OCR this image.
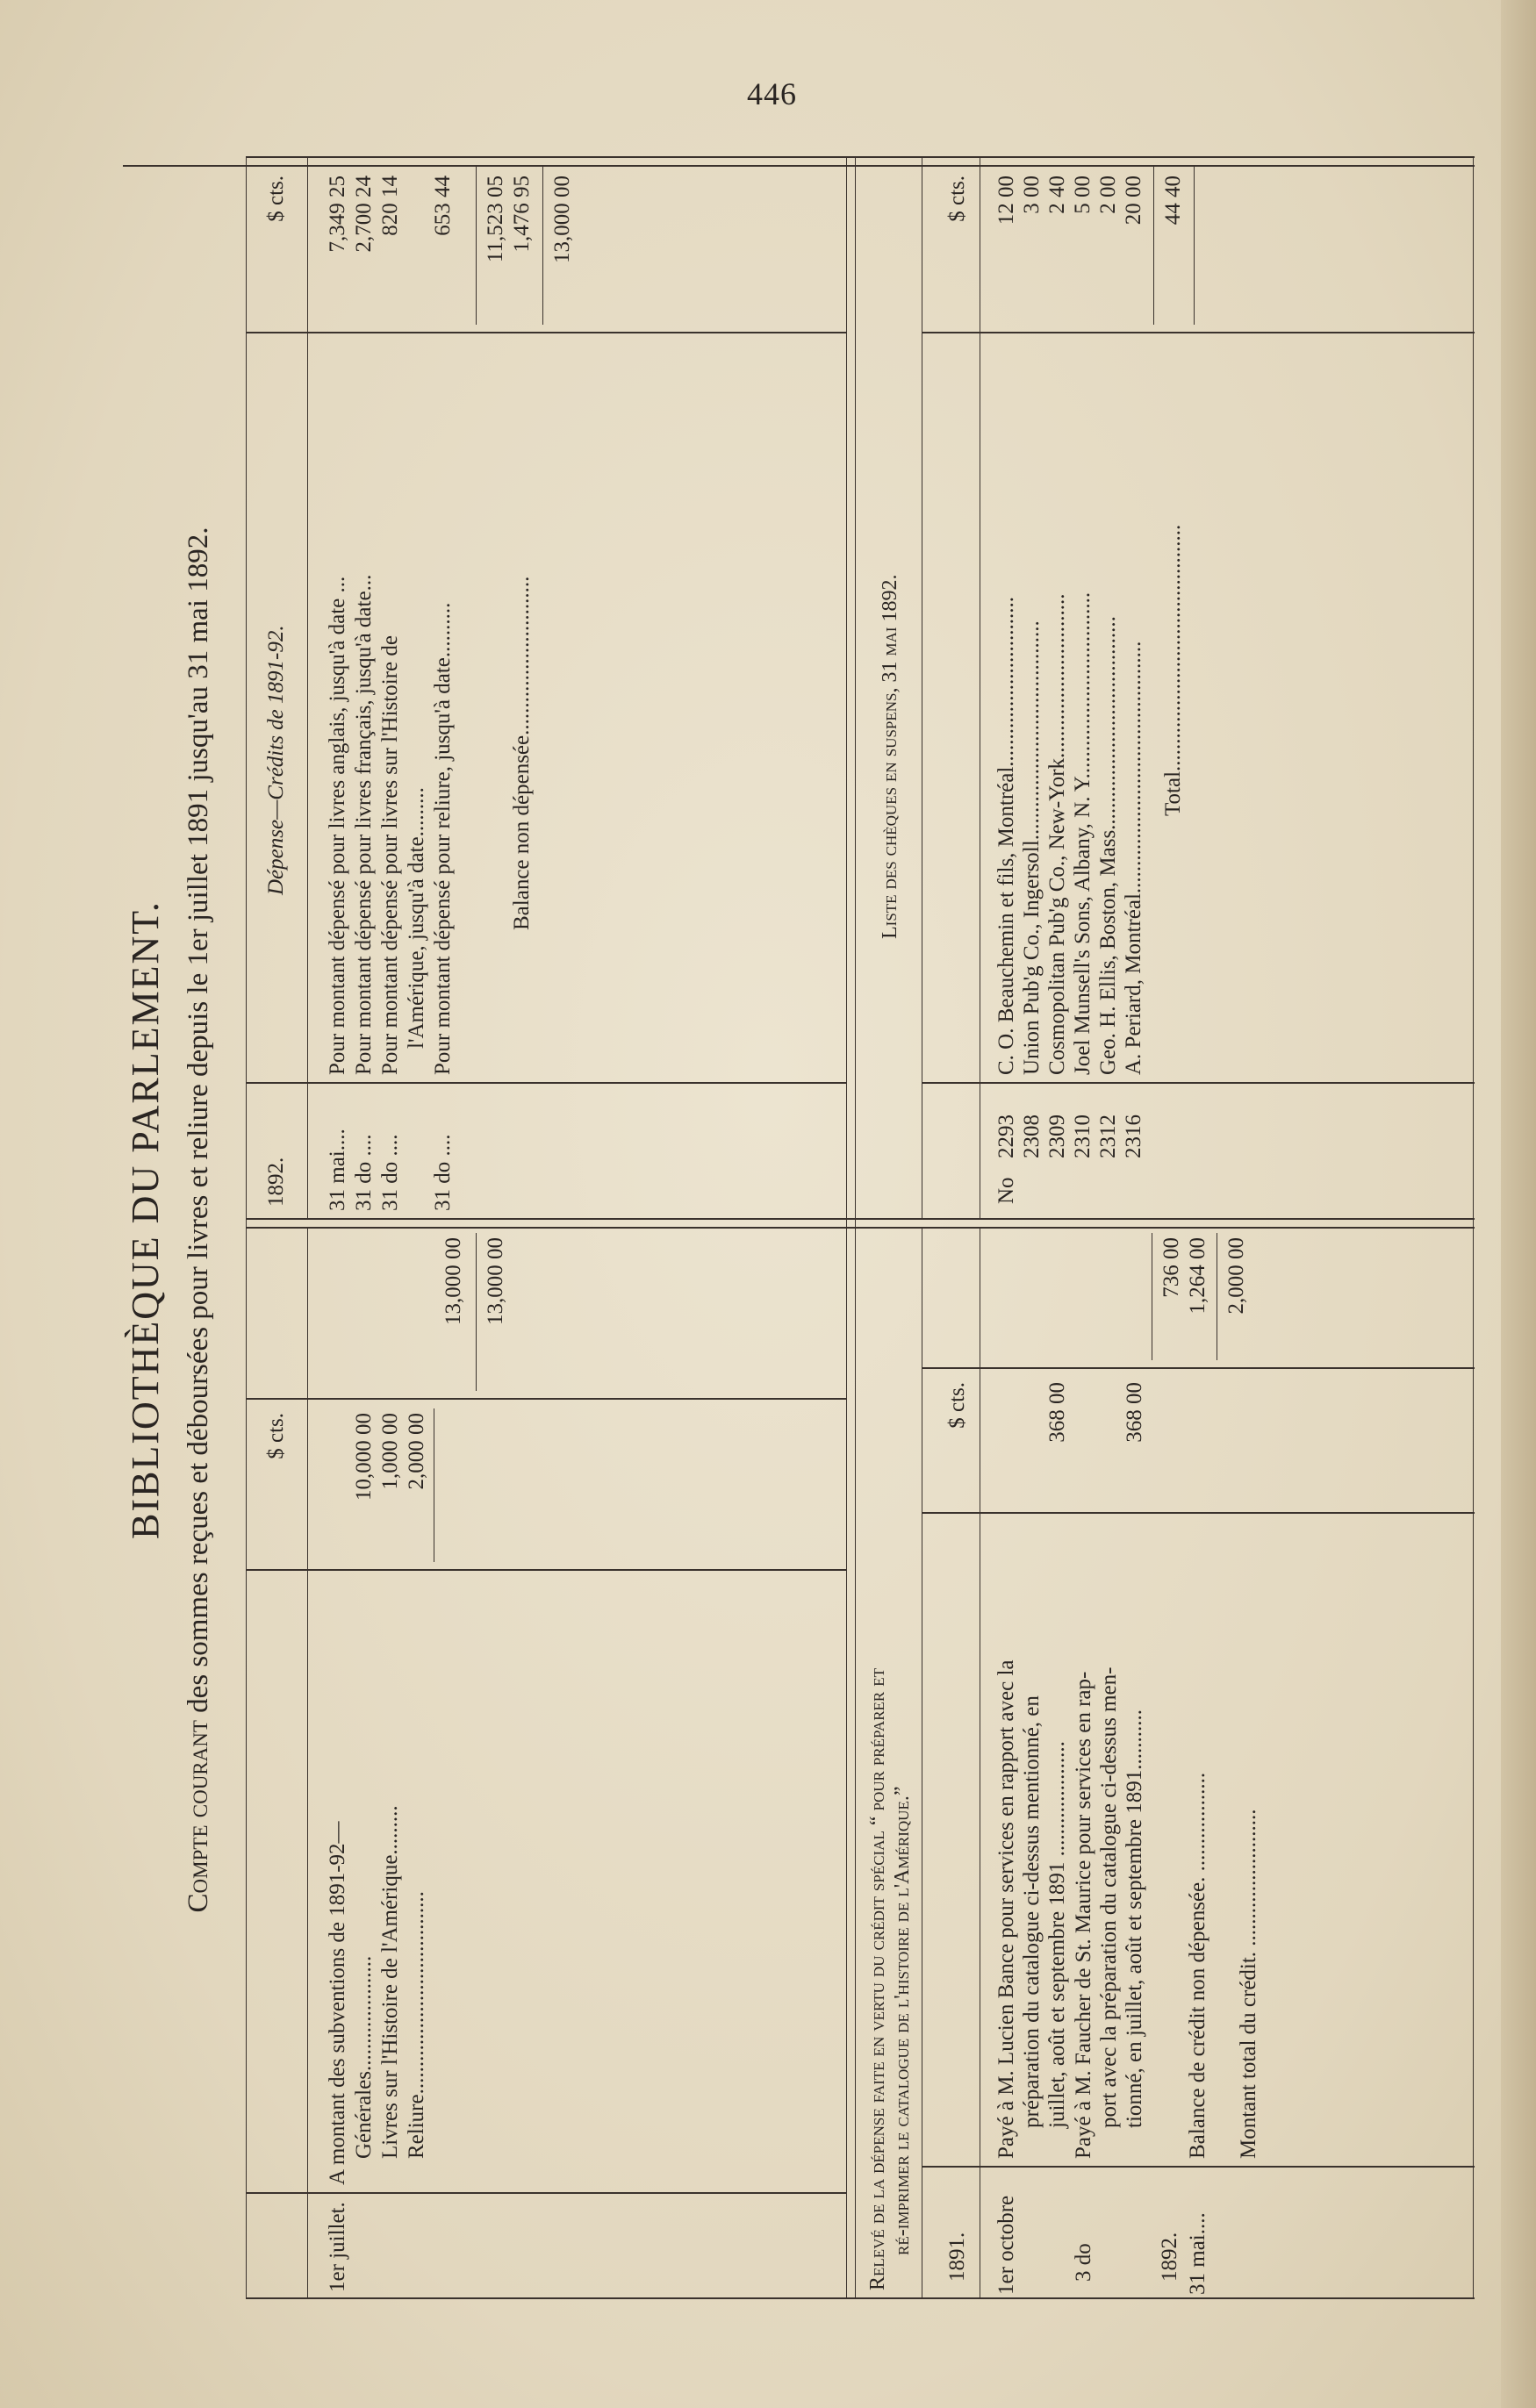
446
BIBLIOTHÈQUE DU PARLEMENT.
Compte courant des sommes reçues et déboursées pour livres et reliure depuis le 1er juillet 1891 jusqu'au 31 mai 1892. $ cts.
1er juillet.
A montant des subventions de 1891-92— Générales.....................
10,000 00
Livres sur l'Histoire de l'Amérique.........
1,000 00
Reliure.....................................
2,000 00
13,000 00 13,000 00
1892.
Dépense—Crédits de 1891-92.
$ cts.
31 mai....
Pour montant dépensé pour livres anglais, jusqu'à date ...
7,349 25
31 do ....
Pour montant dépensé pour livres français, jusqu'à date...
2,700 24
31 do ....
Pour montant dépensé pour livres sur l'Histoire de l'Amérique, jusqu'à date.........
820 14
31 do ....
Pour montant dépensé pour reliure, jusqu'à date..........
653 44 11,523 05
Balance non dépensée.............................
1,476 95 13,000 00
Relevé de la dépense faite en vertu du crédit spécial “ pour préparer et ré-imprimer le catalogue de l'histoire de l'Amérique.”
1891.
$ cts.
1er octobre
Payé à M. Lucien Bance pour services en rapport avec la préparation du catalogue ci-dessus mentionné, en juillet, août et septembre 1891 .....................
368 00
3 do
Payé à M. Faucher de St. Maurice pour services en rap- port avec la préparation du catalogue ci-dessus men- tionné, en juillet, août et septembre 1891...........
368 00
1892.
736 00
31 mai....
Balance de crédit non dépensée. ..................
1,264 00
Montant total du crédit. .........................
2,000 00
Liste des chèques en suspens, 31 mai 1892.
$ cts.
No
2293
C. O. Beauchemin et fils, Montréal...............................
12 00
2308
Union Pub'g Co., Ingersoll........................................
3 00
2309
Cosmopolitan Pub'g Co., New-York..............................
2 40
2310
Joel Munsell's Sons, Albany, N. Y..................................
5 00
2312
Geo. H. Ellis, Boston, Mass.......................................
2 00
2316
A. Periard, Montréal..............................................
20 00
Total.............................................
44 40
